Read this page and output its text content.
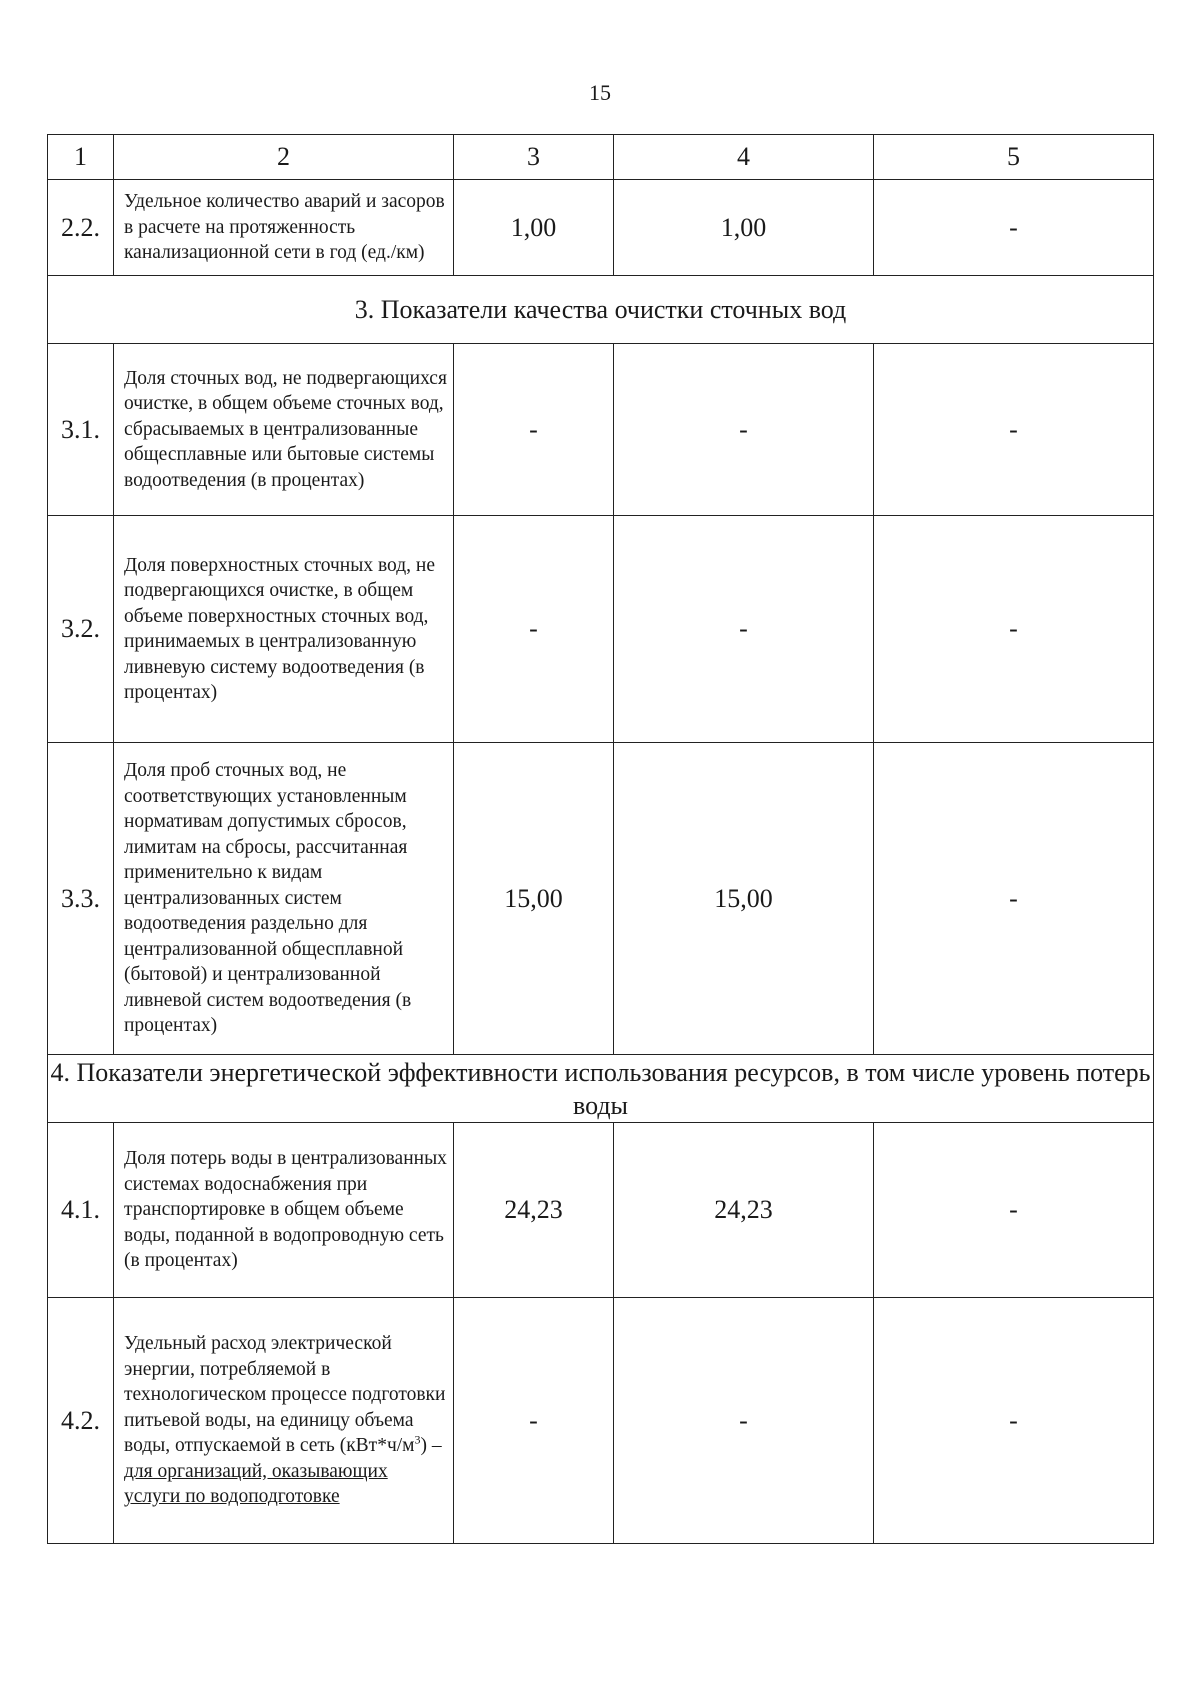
15
1	2	3	4	5
2.2.	Удельное количество аварий и засоров в расчете на протяженность канализационной сети в год (ед./км)	1,00	1,00	-
3. Показатели качества очистки сточных вод				
3.1.	Доля сточных вод, не подвергающихся очистке, в общем объеме сточных вод, сбрасываемых в централизованные общесплавные или бытовые системы водоотведения (в процентах)	-	-	-
3.2.	Доля поверхностных сточных вод, не подвергающихся очистке, в общем объеме поверхностных сточных вод, принимаемых в централизованную ливневую систему водоотведения (в процентах)	-	-	-
3.3.	Доля проб сточных вод, не соответствующих установленным нормативам допустимых сбросов, лимитам на сбросы, рассчитанная применительно к видам централизованных систем водоотведения раздельно для централизованной общесплавной (бытовой) и централизованной ливневой систем водоотведения (в процентах)	15,00	15,00	-
4. Показатели энергетической эффективности использования ресурсов, в том числе уровень потерь воды				
4.1.	Доля потерь воды в централизованных системах водоснабжения при транспортировке в общем объеме воды, поданной в водопроводную сеть (в процентах)	24,23	24,23	-
4.2.	Удельный расход электрической энергии, потребляемой в технологическом процессе подготовки питьевой воды, на единицу объема воды, отпускаемой в сеть $(кВт*ч/м^3)$ – для организаций, оказывающих услуги по водоподготовке	-	-	-
